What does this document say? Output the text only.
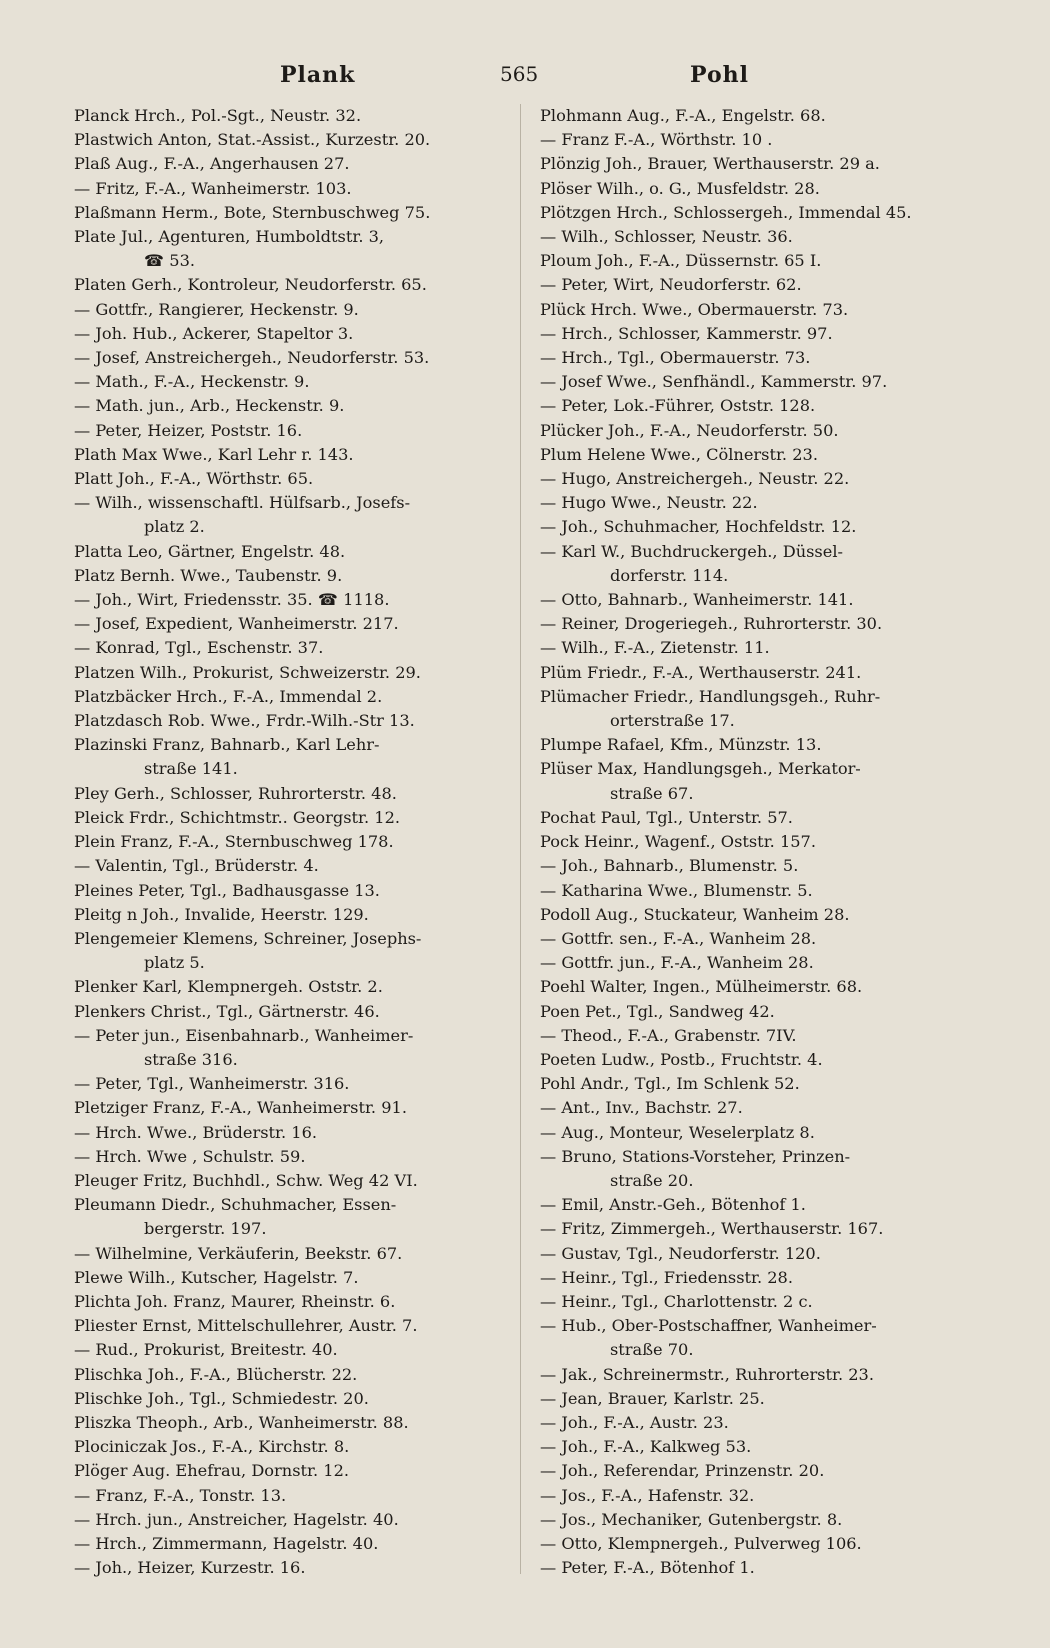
Plank	565	Pohl
Planck Hrch., Pol.-Sgt., Neustr. 32.
Plastwich Anton, Stat.-Assist., Kurzestr. 20.
Plaß Aug., F.-A., Angerhausen 27.
— Fritz, F.-A., Wanheimerstr. 103.
Plaßmann Herm., Bote, Sternbuschweg 75.
Plate Jul., Agenturen, Humboldtstr. 3,
☎ 53.
Platen Gerh., Kontroleur, Neudorferstr. 65.
— Gottfr., Rangierer, Heckenstr. 9.
— Joh. Hub., Ackerer, Stapeltor 3.
— Josef, Anstreichergeh., Neudorferstr. 53.
— Math., F.-A., Heckenstr. 9.
— Math. jun., Arb., Heckenstr. 9.
— Peter, Heizer, Poststr. 16.
Plath Max Wwe., Karl Lehr r. 143.
Platt Joh., F.-A., Wörthstr. 65.
— Wilh., wissenschaftl. Hülfsarb., Josefs-
platz 2.
Platta Leo, Gärtner, Engelstr. 48.
Platz Bernh. Wwe., Taubenstr. 9.
— Joh., Wirt, Friedensstr. 35. ☎ 1118.
— Josef, Expedient, Wanheimerstr. 217.
— Konrad, Tgl., Eschenstr. 37.
Platzen Wilh., Prokurist, Schweizerstr. 29.
Platzbäcker Hrch., F.-A., Immendal 2.
Platzdasch Rob. Wwe., Frdr.-Wilh.-Str 13.
Plazinski Franz, Bahnarb., Karl Lehr-
straße 141.
Pley Gerh., Schlosser, Ruhrorterstr. 48.
Pleick Frdr., Schichtmstr.. Georgstr. 12.
Plein Franz, F.-A., Sternbuschweg 178.
— Valentin, Tgl., Brüderstr. 4.
Pleines Peter, Tgl., Badhausgasse 13.
Pleitg n Joh., Invalide, Heerstr. 129.
Plengemeier Klemens, Schreiner, Josephs-
platz 5.
Plenker Karl, Klempnergeh. Oststr. 2.
Plenkers Christ., Tgl., Gärtnerstr. 46.
— Peter jun., Eisenbahnarb., Wanheimer-
straße 316.
— Peter, Tgl., Wanheimerstr. 316.
Pletziger Franz, F.-A., Wanheimerstr. 91.
— Hrch. Wwe., Brüderstr. 16.
— Hrch. Wwe , Schulstr. 59.
Pleuger Fritz, Buchhdl., Schw. Weg 42 VI.
Pleumann Diedr., Schuhmacher, Essen-
bergerstr. 197.
— Wilhelmine, Verkäuferin, Beekstr. 67.
Plewe Wilh., Kutscher, Hagelstr. 7.
Plichta Joh. Franz, Maurer, Rheinstr. 6.
Pliester Ernst, Mittelschullehrer, Austr. 7.
— Rud., Prokurist, Breitestr. 40.
Plischka Joh., F.-A., Blücherstr. 22.
Plischke Joh., Tgl., Schmiedestr. 20.
Pliszka Theoph., Arb., Wanheimerstr. 88.
Plociniczak Jos., F.-A., Kirchstr. 8.
Plöger Aug. Ehefrau, Dornstr. 12.
— Franz, F.-A., Tonstr. 13.
— Hrch. jun., Anstreicher, Hagelstr. 40.
— Hrch., Zimmermann, Hagelstr. 40.
— Joh., Heizer, Kurzestr. 16.
Plohmann Aug., F.-A., Engelstr. 68.
— Franz F.-A., Wörthstr. 10 .
Plönzig Joh., Brauer, Werthauserstr. 29 a.
Plöser Wilh., o. G., Musfeldstr. 28.
Plötzgen Hrch., Schlossergeh., Immendal 45.
— Wilh., Schlosser, Neustr. 36.
Ploum Joh., F.-A., Düssernstr. 65 I.
— Peter, Wirt, Neudorferstr. 62.
Plück Hrch. Wwe., Obermauerstr. 73.
— Hrch., Schlosser, Kammerstr. 97.
— Hrch., Tgl., Obermauerstr. 73.
— Josef Wwe., Senfhändl., Kammerstr. 97.
— Peter, Lok.-Führer, Oststr. 128.
Plücker Joh., F.-A., Neudorferstr. 50.
Plum Helene Wwe., Cölnerstr. 23.
— Hugo, Anstreichergeh., Neustr. 22.
— Hugo Wwe., Neustr. 22.
— Joh., Schuhmacher, Hochfeldstr. 12.
— Karl W., Buchdruckergeh., Düssel-
dorferstr. 114.
— Otto, Bahnarb., Wanheimerstr. 141.
— Reiner, Drogeriegeh., Ruhrorterstr. 30.
— Wilh., F.-A., Zietenstr. 11.
Plüm Friedr., F.-A., Werthauserstr. 241.
Plümacher Friedr., Handlungsgeh., Ruhr-
orterstraße 17.
Plumpe Rafael, Kfm., Münzstr. 13.
Plüser Max, Handlungsgeh., Merkator-
straße 67.
Pochat Paul, Tgl., Unterstr. 57.
Pock Heinr., Wagenf., Oststr. 157.
— Joh., Bahnarb., Blumenstr. 5.
— Katharina Wwe., Blumenstr. 5.
Podoll Aug., Stuckateur, Wanheim 28.
— Gottfr. sen., F.-A., Wanheim 28.
— Gottfr. jun., F.-A., Wanheim 28.
Poehl Walter, Ingen., Mülheimerstr. 68.
Poen Pet., Tgl., Sandweg 42.
— Theod., F.-A., Grabenstr. 7IV.
Poeten Ludw., Postb., Fruchtstr. 4.
Pohl Andr., Tgl., Im Schlenk 52.
— Ant., Inv., Bachstr. 27.
— Aug., Monteur, Weselerplatz 8.
— Bruno, Stations-Vorsteher, Prinzen-
straße 20.
— Emil, Anstr.-Geh., Bötenhof 1.
— Fritz, Zimmergeh., Werthauserstr. 167.
— Gustav, Tgl., Neudorferstr. 120.
— Heinr., Tgl., Friedensstr. 28.
— Heinr., Tgl., Charlottenstr. 2 c.
— Hub., Ober-Postschaffner, Wanheimer-
straße 70.
— Jak., Schreinermstr., Ruhrorterstr. 23.
— Jean, Brauer, Karlstr. 25.
— Joh., F.-A., Austr. 23.
— Joh., F.-A., Kalkweg 53.
— Joh., Referendar, Prinzenstr. 20.
— Jos., F.-A., Hafenstr. 32.
— Jos., Mechaniker, Gutenbergstr. 8.
— Otto, Klempnergeh., Pulverweg 106.
— Peter, F.-A., Bötenhof 1.
